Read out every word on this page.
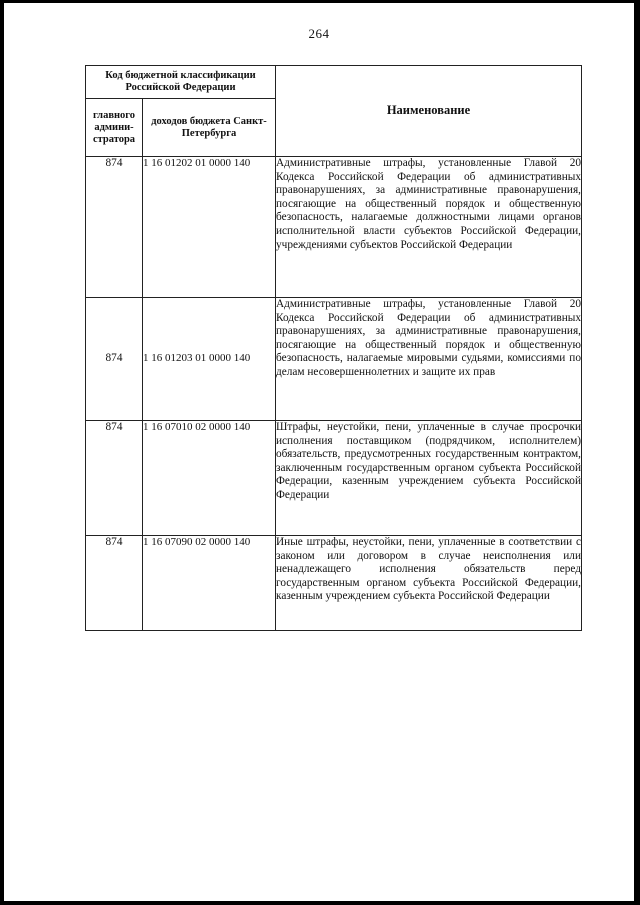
264
Код бюджетной классификации Российской Федерации		Наименование
главного админи-стратора	доходов бюджета Санкт-Петербурга	
874	1 16 01202 01 0000 140	Административные штрафы, установленные Главой 20 Кодекса Российской Федерации об административных правонарушениях, за административные правонарушения, посягающие на общественный порядок и общественную безопасность, налагаемые должностными лицами органов исполнительной власти субъектов Российской Федерации, учреждениями субъектов Российской Федерации
874	1 16 01203 01 0000 140	Административные штрафы, установленные Главой 20 Кодекса Российской Федерации об административных правонарушениях, за административные правонарушения, посягающие на общественный порядок и общественную безопасность, налагаемые мировыми судьями, комиссиями по делам несовершеннолетних и защите их прав
874	1 16 07010 02 0000 140	Штрафы, неустойки, пени, уплаченные в случае просрочки исполнения поставщиком (подрядчиком, исполнителем) обязательств, предусмотренных государственным контрактом, заключенным государственным органом субъекта Российской Федерации, казенным учреждением субъекта Российской Федерации
874	1 16 07090 02 0000 140	Иные штрафы, неустойки, пени, уплаченные в соответствии с законом или договором в случае неисполнения или ненадлежащего исполнения обязательств перед государственным органом субъекта Российской Федерации, казенным учреждением субъекта Российской Федерации
